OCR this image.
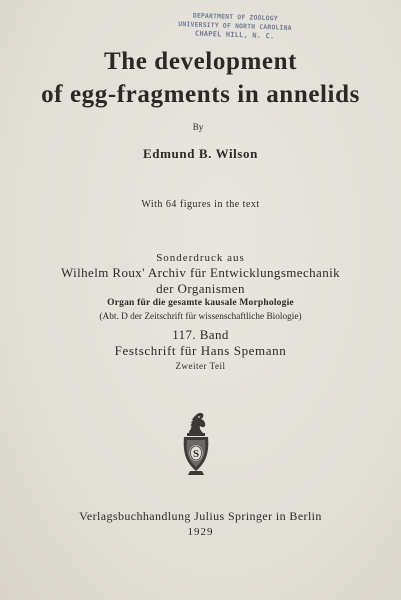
DEPARTMENT OF ZOOLOGY
UNIVERSITY OF NORTH CAROLINA
CHAPEL HILL, N. C.
The development
of egg-fragments in annelids
By
Edmund B. Wilson
With 64 figures in the text
Sonderdruck aus
Wilhelm Roux' Archiv für Entwicklungsmechanik
der Organismen
Organ für die gesamte kausale Morphologie
(Abt. D der Zeitschrift für wissenschaftliche Biologie)
117. Band
Festschrift für Hans Spemann
Zweiter Teil
S
Verlagsbuchhandlung Julius Springer in Berlin
1929
